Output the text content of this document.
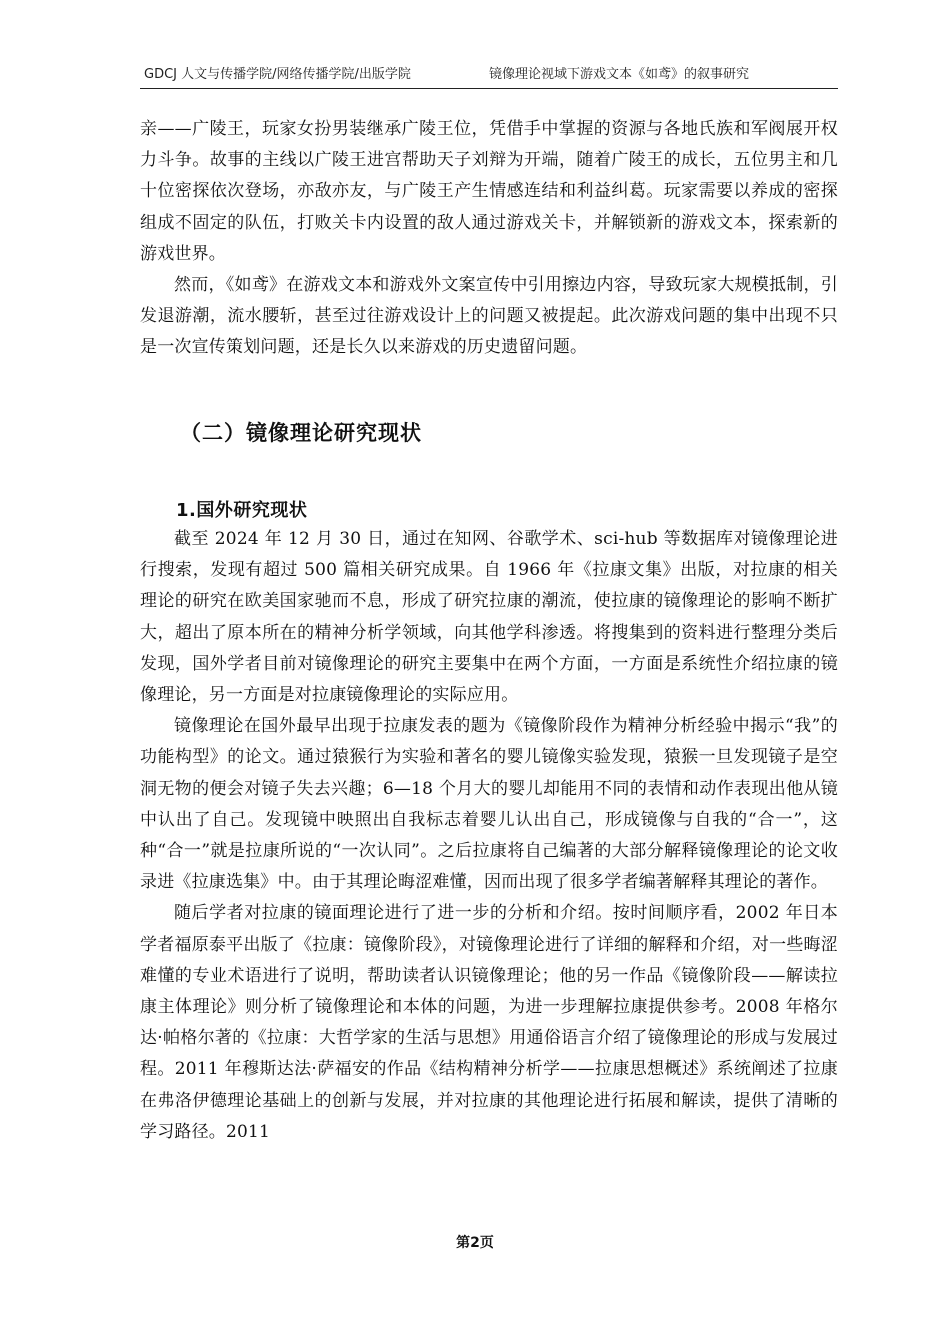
GDCJ 人文与传播学院/网络传播学院/出版学院	镜像理论视域下游戏文本《如鸢》的叙事研究

亲——广陵王，玩家女扮男装继承广陵王位，凭借手中掌握的资源与各地氏族和军阀展开权力斗争。故事的主线以广陵王进宫帮助天子刘辩为开端，随着广陵王的成长，五位男主和几十位密探依次登场，亦敌亦友，与广陵王产生情感连结和利益纠葛。玩家需要以养成的密探组成不固定的队伍，打败关卡内设置的敌人通过游戏关卡，并解锁新的游戏文本，探索新的游戏世界。

然而，《如鸢》在游戏文本和游戏外文案宣传中引用擦边内容，导致玩家大规模抵制，引发退游潮，流水腰斩，甚至过往游戏设计上的问题又被提起。此次游戏问题的集中出现不只是一次宣传策划问题，还是长久以来游戏的历史遗留问题。

（二）镜像理论研究现状
1.国外研究现状

截至 2024 年 12 月 30 日，通过在知网、谷歌学术、sci-hub 等数据库对镜像理论进行搜索，发现有超过 500 篇相关研究成果。自 1966 年《拉康文集》出版，对拉康的相关理论的研究在欧美国家驰而不息，形成了研究拉康的潮流，使拉康的镜像理论的影响不断扩大，超出了原本所在的精神分析学领域，向其他学科渗透。将搜集到的资料进行整理分类后发现，国外学者目前对镜像理论的研究主要集中在两个方面，一方面是系统性介绍拉康的镜像理论，另一方面是对拉康镜像理论的实际应用。

镜像理论在国外最早出现于拉康发表的题为《镜像阶段作为精神分析经验中揭示“我”的功能构型》的论文。通过猿猴行为实验和著名的婴儿镜像实验发现，猿猴一旦发现镜子是空洞无物的便会对镜子失去兴趣；6—18 个月大的婴儿却能用不同的表情和动作表现出他从镜中认出了自己。发现镜中映照出自我标志着婴儿认出自己，形成镜像与自我的“合一”，这种“合一”就是拉康所说的“一次认同”。之后拉康将自己编著的大部分解释镜像理论的论文收录进《拉康选集》中。由于其理论晦涩难懂，因而出现了很多学者编著解释其理论的著作。

随后学者对拉康的镜面理论进行了进一步的分析和介绍。按时间顺序看，2002 年日本学者福原泰平出版了《拉康：镜像阶段》，对镜像理论进行了详细的解释和介绍，对一些晦涩难懂的专业术语进行了说明，帮助读者认识镜像理论；他的另一作品《镜像阶段——解读拉康主体理论》则分析了镜像理论和本体的问题，为进一步理解拉康提供参考。2008 年格尔达·帕格尔著的《拉康：大哲学家的生活与思想》用通俗语言介绍了镜像理论的形成与发展过程。2011 年穆斯达法·萨福安的作品《结构精神分析学——拉康思想概述》系统阐述了拉康在弗洛伊德理论基础上的创新与发展，并对拉康的其他理论进行拓展和解读，提供了清晰的学习路径。2011

第2页
